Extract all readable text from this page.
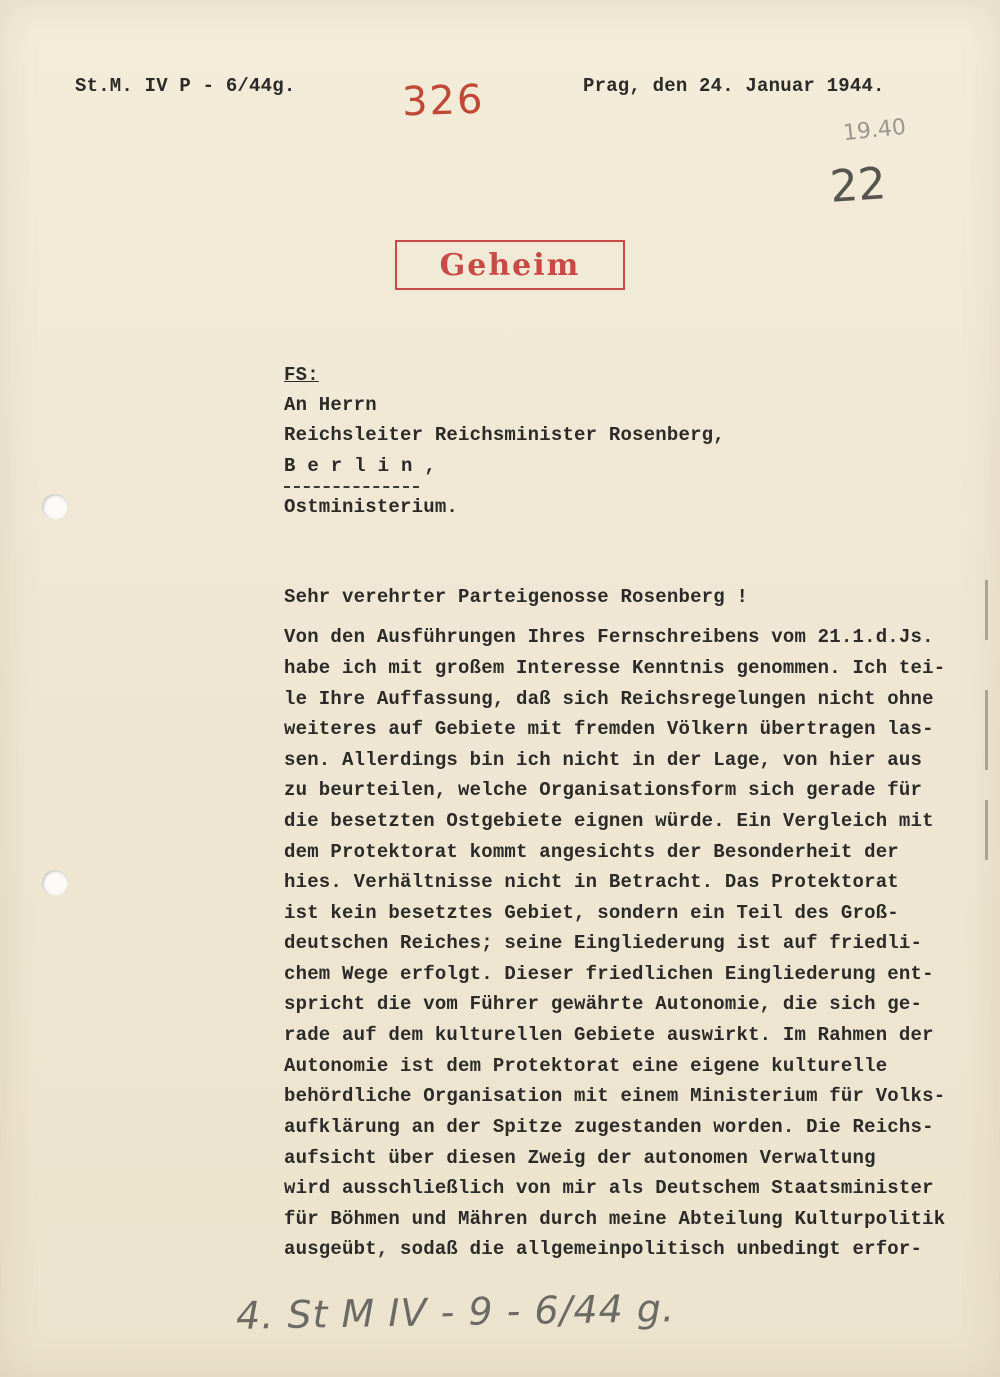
St.M. IV P - 6/44g.	Prag, den 24. Januar 1944.
326
19.40
22
Geheim
FS:
An Herrn
Reichsleiter Reichsminister Rosenberg,
Berlin,
Ostministerium.
Sehr verehrter Parteigenosse Rosenberg !
Von den Ausführungen Ihres Fernschreibens vom 21.1.d.Js.
habe ich mit großem Interesse Kenntnis genommen. Ich tei-
le Ihre Auffassung, daß sich Reichsregelungen nicht ohne
weiteres auf Gebiete mit fremden Völkern übertragen las-
sen. Allerdings bin ich nicht in der Lage, von hier aus
zu beurteilen, welche Organisationsform sich gerade für
die besetzten Ostgebiete eignen würde. Ein Vergleich mit
dem Protektorat kommt angesichts der Besonderheit der
hies. Verhältnisse nicht in Betracht. Das Protektorat
ist kein besetztes Gebiet, sondern ein Teil des Groß-
deutschen Reiches; seine Eingliederung ist auf friedli-
chem Wege erfolgt. Dieser friedlichen Eingliederung ent-
spricht die vom Führer gewährte Autonomie, die sich ge-
rade auf dem kulturellen Gebiete auswirkt. Im Rahmen der
Autonomie ist dem Protektorat eine eigene kulturelle
behördliche Organisation mit einem Ministerium für Volks-
aufklärung an der Spitze zugestanden worden. Die Reichs-
aufsicht über diesen Zweig der autonomen Verwaltung
wird ausschließlich von mir als Deutschem Staatsminister
für Böhmen und Mähren durch meine Abteilung Kulturpolitik
ausgeübt, sodaß die allgemeinpolitisch unbedingt erfor-
4. St M IV - 9 - 6/44 g.
